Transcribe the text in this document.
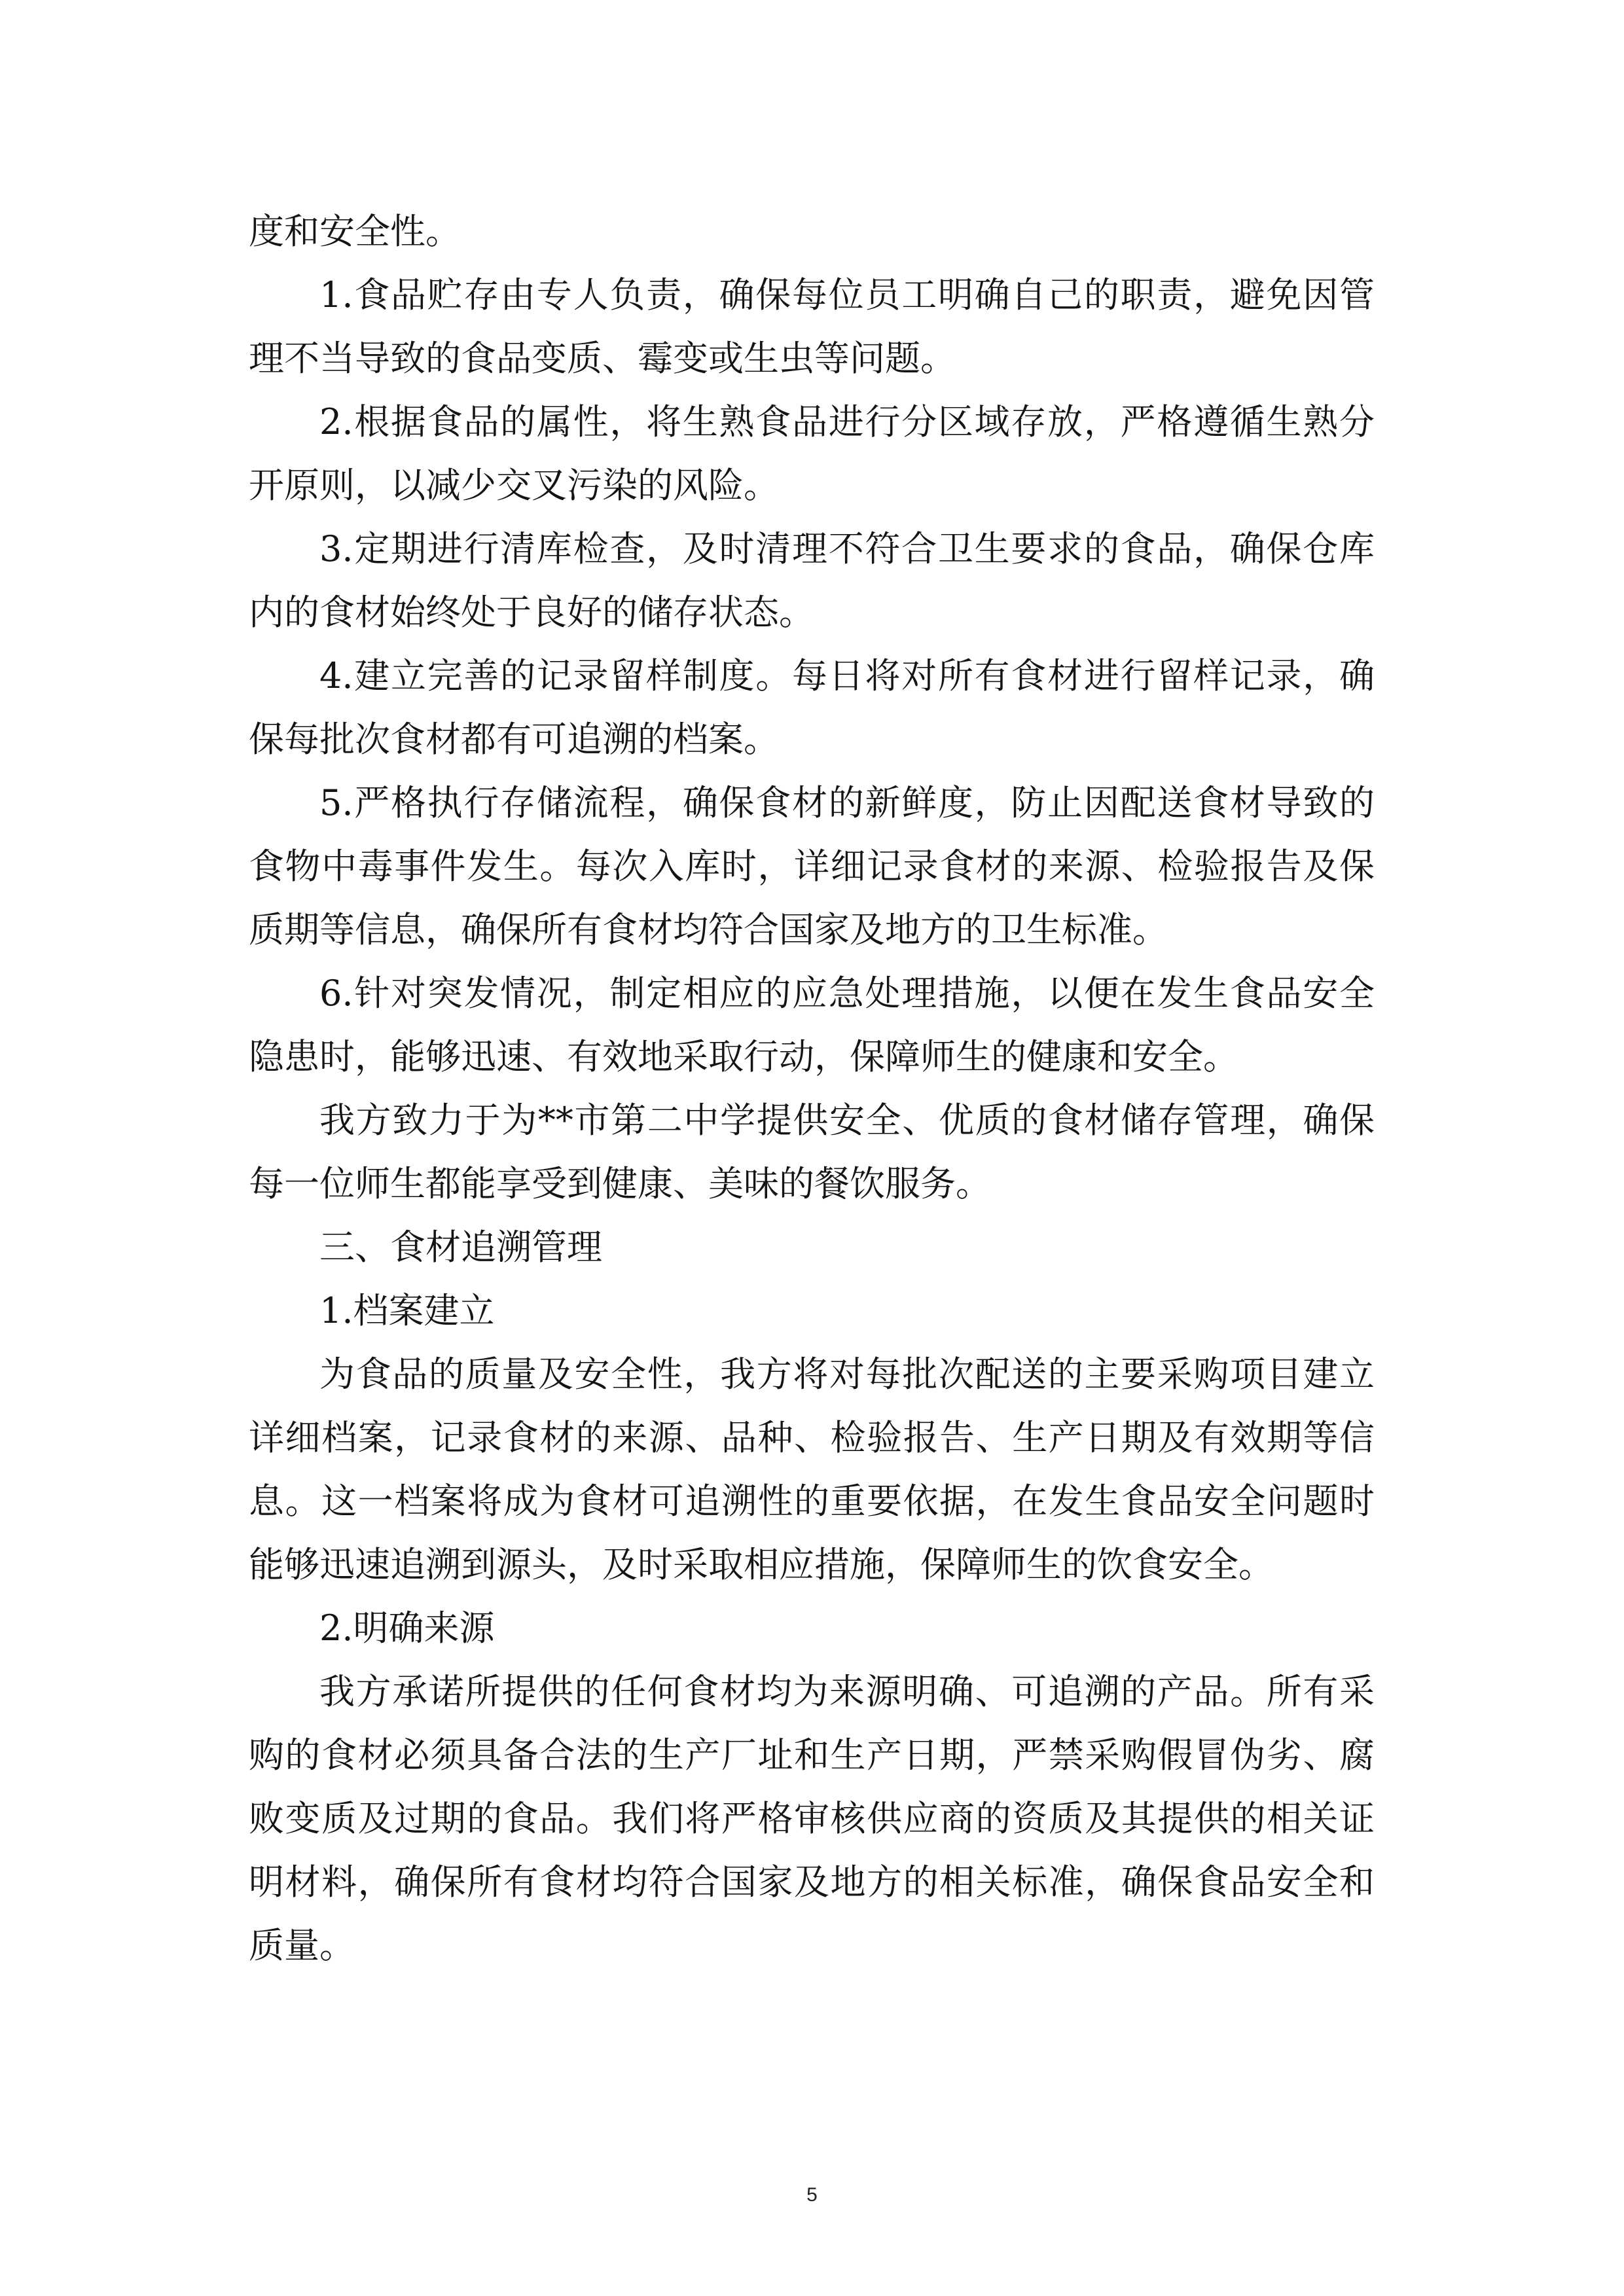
度和安全性。

1.食品贮存由专人负责，确保每位员工明确自己的职责，避免因管理不当导致的食品变质、霉变或生虫等问题。

2.根据食品的属性，将生熟食品进行分区域存放，严格遵循生熟分开原则，以减少交叉污染的风险。

3.定期进行清库检查，及时清理不符合卫生要求的食品，确保仓库内的食材始终处于良好的储存状态。

4.建立完善的记录留样制度。每日将对所有食材进行留样记录，确保每批次食材都有可追溯的档案。

5.严格执行存储流程，确保食材的新鲜度，防止因配送食材导致的食物中毒事件发生。每次入库时，详细记录食材的来源、检验报告及保质期等信息，确保所有食材均符合国家及地方的卫生标准。

6.针对突发情况，制定相应的应急处理措施，以便在发生食品安全隐患时，能够迅速、有效地采取行动，保障师生的健康和安全。

我方致力于为**市第二中学提供安全、优质的食材储存管理，确保每一位师生都能享受到健康、美味的餐饮服务。

三、食材追溯管理

1.档案建立

为食品的质量及安全性，我方将对每批次配送的主要采购项目建立详细档案，记录食材的来源、品种、检验报告、生产日期及有效期等信息。这一档案将成为食材可追溯性的重要依据，在发生食品安全问题时能够迅速追溯到源头，及时采取相应措施，保障师生的饮食安全。

2.明确来源

我方承诺所提供的任何食材均为来源明确、可追溯的产品。所有采购的食材必须具备合法的生产厂址和生产日期，严禁采购假冒伪劣、腐败变质及过期的食品。我们将严格审核供应商的资质及其提供的相关证明材料，确保所有食材均符合国家及地方的相关标准，确保食品安全和质量。

5
